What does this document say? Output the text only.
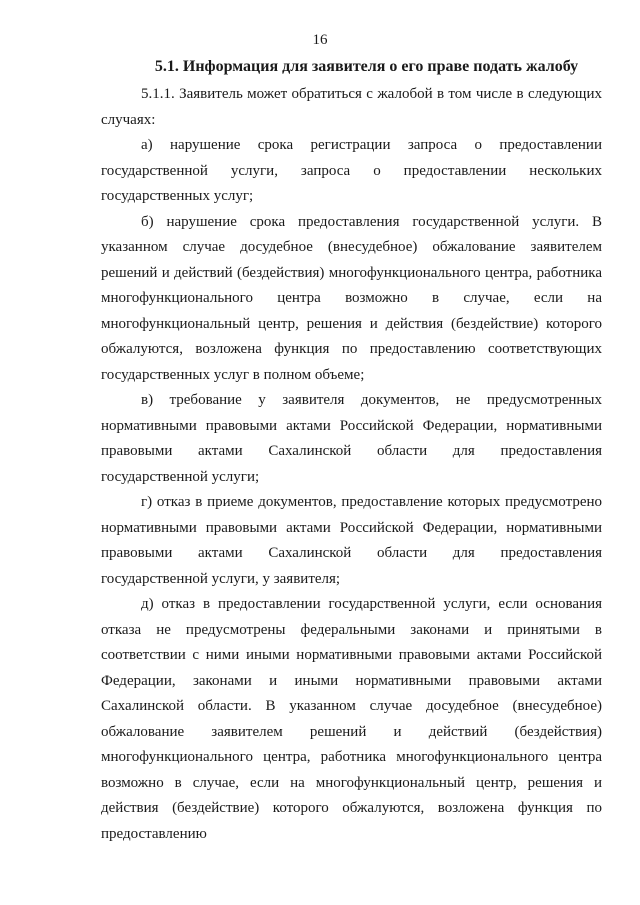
16
5.1. Информация для заявителя о его праве подать жалобу

5.1.1. Заявитель может обратиться с жалобой в том числе в следующих случаях:

а) нарушение срока регистрации запроса о предоставлении государственной услуги, запроса о предоставлении нескольких государственных услуг;

б) нарушение срока предоставления государственной услуги. В указанном случае досудебное (внесудебное) обжалование заявителем решений и действий (бездействия) многофункционального центра, работника многофункционального центра возможно в случае, если на многофункциональный центр, решения и действия (бездействие) которого обжалуются, возложена функция по предоставлению соответствующих государственных услуг в полном объеме;

в) требование у заявителя документов, не предусмотренных нормативными правовыми актами Российской Федерации, нормативными правовыми актами Сахалинской области для предоставления государственной услуги;

г) отказ в приеме документов, предоставление которых предусмотрено нормативными правовыми актами Российской Федерации, нормативными правовыми актами Сахалинской области для предоставления государственной услуги, у заявителя;

д) отказ в предоставлении государственной услуги, если основания отказа не предусмотрены федеральными законами и принятыми в соответствии с ними иными нормативными правовыми актами Российской Федерации, законами и иными нормативными правовыми актами Сахалинской области. В указанном случае досудебное (внесудебное) обжалование заявителем решений и действий (бездействия) многофункционального центра, работника многофункционального центра возможно в случае, если на многофункциональный центр, решения и действия (бездействие) которого обжалуются, возложена функция по предоставлению
